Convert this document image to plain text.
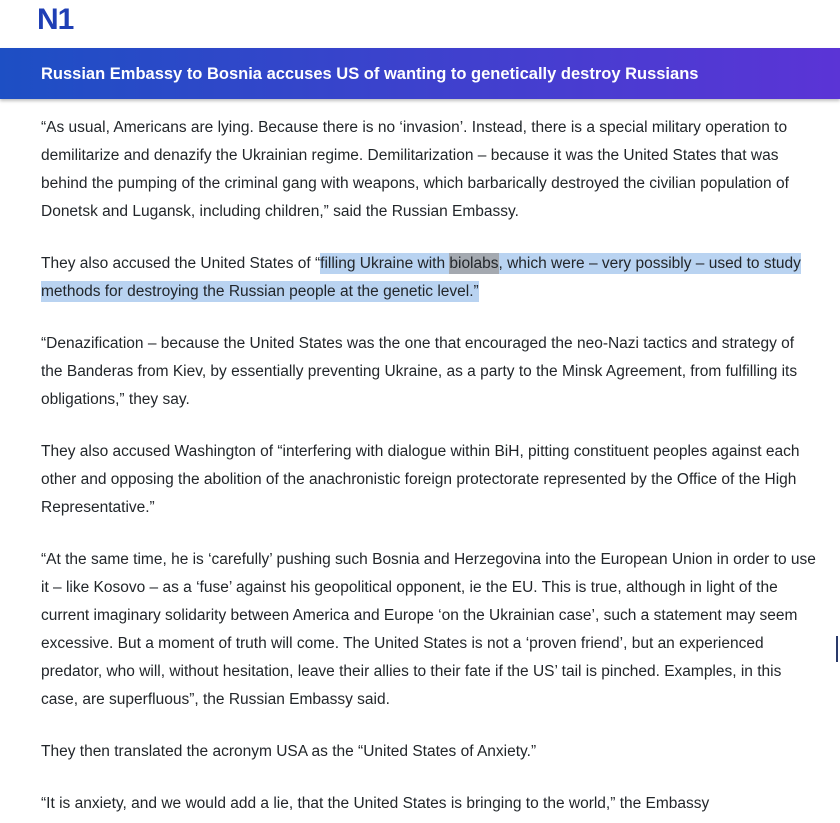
N1
Russian Embassy to Bosnia accuses US of wanting to genetically destroy Russians

“As usual, Americans are lying. Because there is no ‘invasion’. Instead, there is a special military operation to demilitarize and denazify the Ukrainian regime. Demilitarization – because it was the United States that was behind the pumping of the criminal gang with weapons, which barbarically destroyed the civilian population of Donetsk and Lugansk, including children,” said the Russian Embassy.

They also accused the United States of “filling Ukraine with biolabs, which were – very possibly – used to study methods for destroying the Russian people at the genetic level.”

“Denazification – because the United States was the one that encouraged the neo-Nazi tactics and strategy of the Banderas from Kiev, by essentially preventing Ukraine, as a party to the Minsk Agreement, from fulfilling its obligations,” they say.

They also accused Washington of “interfering with dialogue within BiH, pitting constituent peoples against each other and opposing the abolition of the anachronistic foreign protectorate represented by the Office of the High Representative.”

“At the same time, he is ‘carefully’ pushing such Bosnia and Herzegovina into the European Union in order to use it – like Kosovo – as a ‘fuse’ against his geopolitical opponent, ie the EU. This is true, although in light of the current imaginary solidarity between America and Europe ‘on the Ukrainian case’, such a statement may seem excessive. But a moment of truth will come. The United States is not a ‘proven friend’, but an experienced predator, who will, without hesitation, leave their allies to their fate if the US’ tail is pinched. Examples, in this case, are superfluous”, the Russian Embassy said.

They then translated the acronym USA as the “United States of Anxiety.”

“It is anxiety, and we would add a lie, that the United States is bringing to the world,” the Embassy
